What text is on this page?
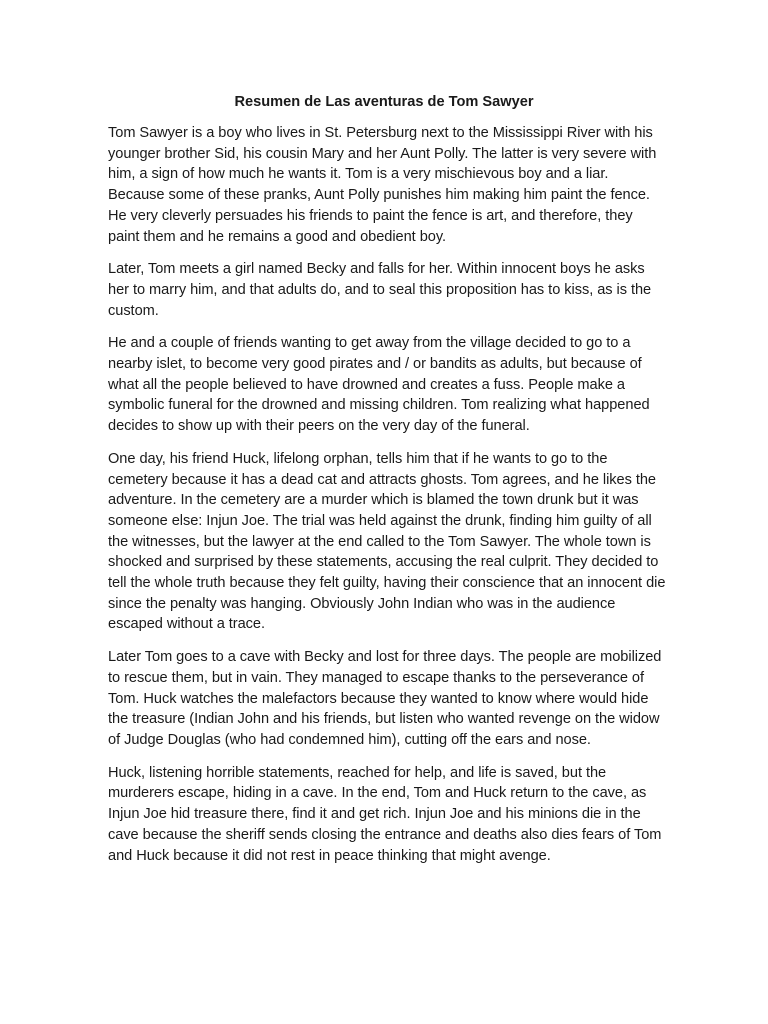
Resumen de Las aventuras de Tom Sawyer

Tom Sawyer is a boy who lives in St. Petersburg next to the Mississippi River with his younger brother Sid, his cousin Mary and her Aunt Polly. The latter is very severe with him, a sign of how much he wants it. Tom is a very mischievous boy and a liar. Because some of these pranks, Aunt Polly punishes him making him paint the fence. He very cleverly persuades his friends to paint the fence is art, and therefore, they paint them and he remains a good and obedient boy.

Later, Tom meets a girl named Becky and falls for her. Within innocent boys he asks her to marry him, and that adults do, and to seal this proposition has to kiss, as is the custom.

He and a couple of friends wanting to get away from the village decided to go to a nearby islet, to become very good pirates and / or bandits as adults, but because of what all the people believed to have drowned and creates a fuss. People make a symbolic funeral for the drowned and missing children. Tom realizing what happened decides to show up with their peers on the very day of the funeral.

One day, his friend Huck, lifelong orphan, tells him that if he wants to go to the cemetery because it has a dead cat and attracts ghosts. Tom agrees, and he likes the adventure. In the cemetery are a murder which is blamed the town drunk but it was someone else: Injun Joe. The trial was held against the drunk, finding him guilty of all the witnesses, but the lawyer at the end called to the Tom Sawyer. The whole town is shocked and surprised by these statements, accusing the real culprit. They decided to tell the whole truth because they felt guilty, having their conscience that an innocent die since the penalty was hanging. Obviously John Indian who was in the audience escaped without a trace.

Later Tom goes to a cave with Becky and lost for three days. The people are mobilized to rescue them, but in vain. They managed to escape thanks to the perseverance of Tom. Huck watches the malefactors because they wanted to know where would hide the treasure (Indian John and his friends, but listen who wanted revenge on the widow of Judge Douglas (who had condemned him), cutting off the ears and nose.

Huck, listening horrible statements, reached for help, and life is saved, but the murderers escape, hiding in a cave. In the end, Tom and Huck return to the cave, as Injun Joe hid treasure there, find it and get rich. Injun Joe and his minions die in the cave because the sheriff sends closing the entrance and deaths also dies fears of Tom and Huck because it did not rest in peace thinking that might avenge.
